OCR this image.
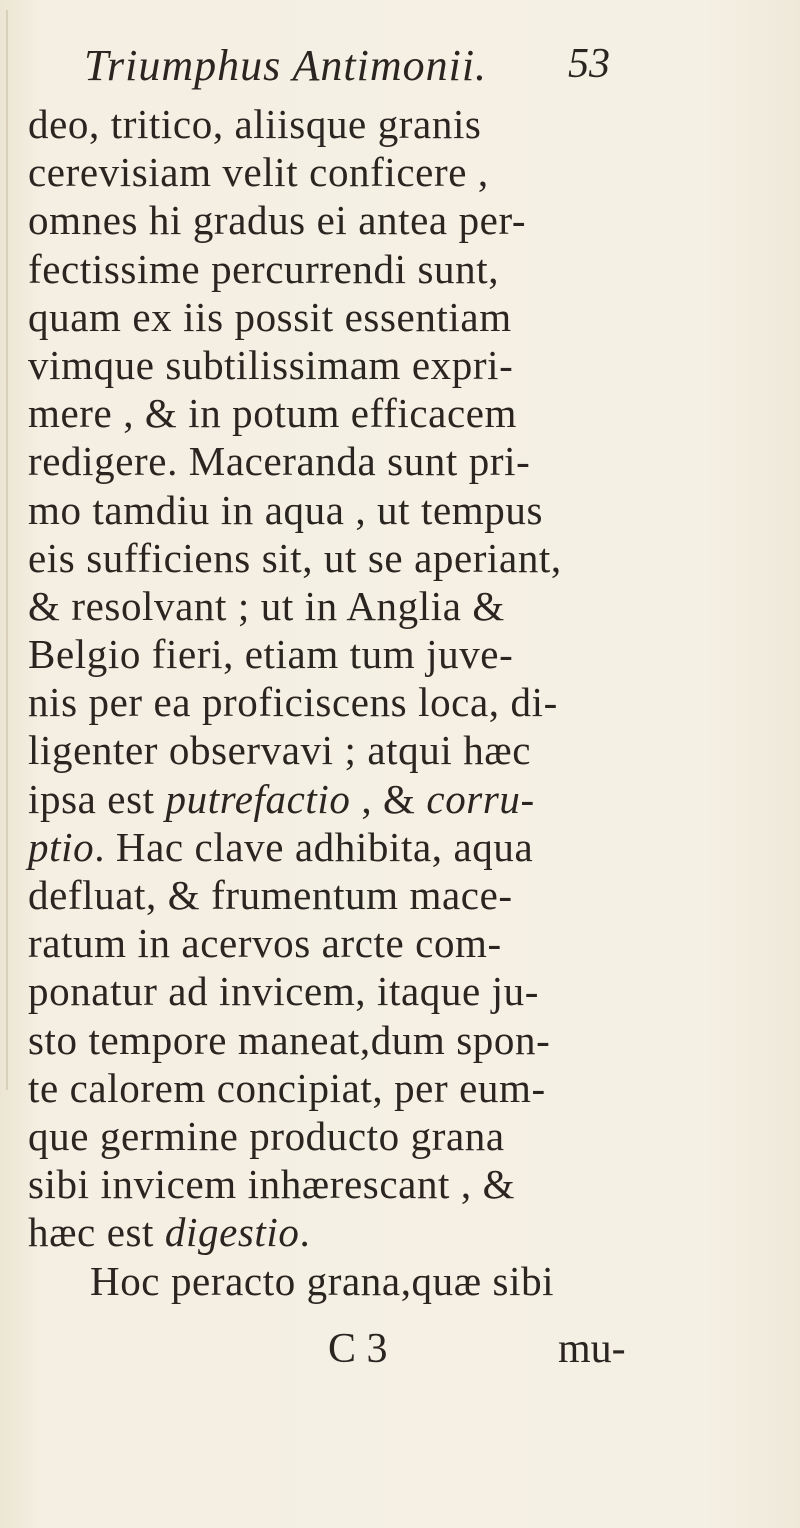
Triumphus Antimonii. 53
deo, tritico, aliisque granis
cerevisiam velit conficere ,
omnes hi gradus ei antea per-
fectissime percurrendi sunt,
quam ex iis possit essentiam
vimque subtilissimam expri-
mere , & in potum efficacem
redigere. Maceranda sunt pri-
mo tamdiu in aqua , ut tempus
eis sufficiens sit, ut se aperiant,
& resolvant ; ut in Anglia &
Belgio fieri, etiam tum juve-
nis per ea proficiscens loca, di-
ligenter observavi ; atqui hæc
ipsa est putrefactio , & corru-
ptio. Hac clave adhibita, aqua
defluat, & frumentum mace-
ratum in acervos arcte com-
ponatur ad invicem, itaque ju-
sto tempore maneat,dum spon-
te calorem concipiat, per eum-
que germine producto grana
sibi invicem inhærescant , &
hæc est digestio.
Hoc peracto grana,quæ sibi
C 3	mu-
